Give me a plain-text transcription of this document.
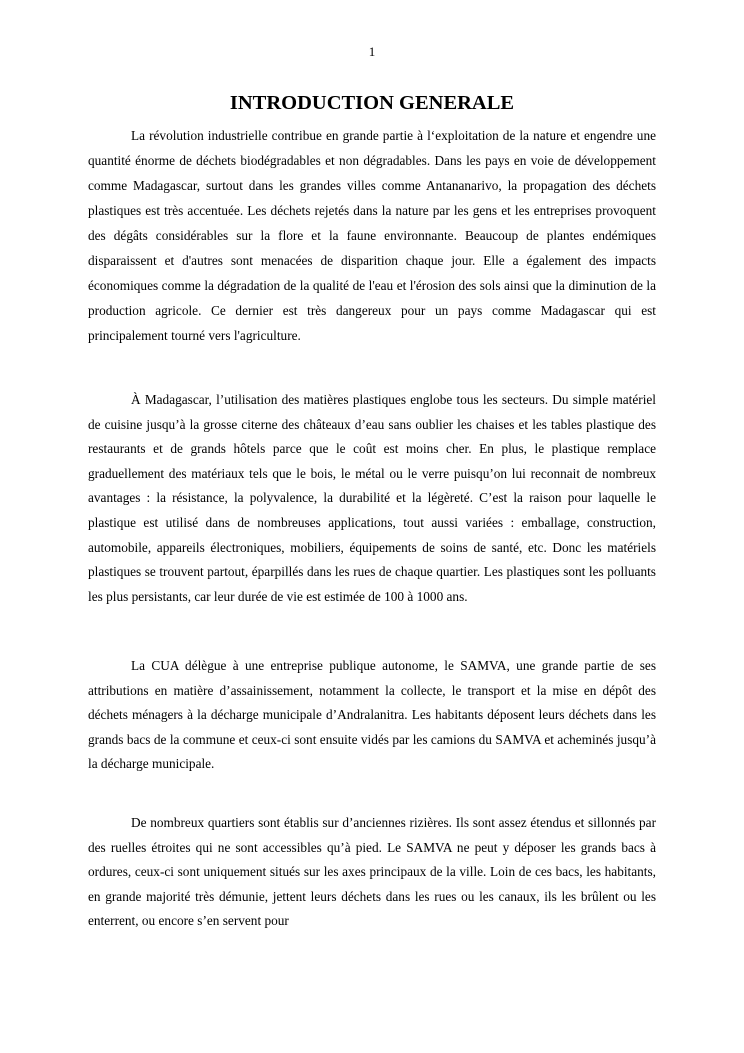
1
INTRODUCTION GENERALE

La révolution industrielle contribue en grande partie à l‘exploitation de la nature et engendre une quantité énorme de déchets biodégradables et non dégradables. Dans les pays en voie de développement comme Madagascar, surtout dans les grandes villes comme Antananarivo, la propagation des déchets plastiques est très accentuée. Les déchets rejetés dans la nature par les gens et les entreprises provoquent des dégâts considérables sur la flore et la faune environnante. Beaucoup de plantes endémiques disparaissent et d'autres sont menacées de disparition chaque jour. Elle a également des impacts économiques comme la dégradation de la qualité de l'eau et l'érosion des sols ainsi que la diminution de la production agricole. Ce dernier est très dangereux pour un pays comme Madagascar qui est principalement tourné vers l'agriculture.

À Madagascar, l’utilisation des matières plastiques englobe tous les secteurs. Du simple matériel de cuisine jusqu’à la grosse citerne des châteaux d’eau sans oublier les chaises et les tables plastique des restaurants et de grands hôtels parce que le coût est moins cher. En plus, le plastique remplace graduellement des matériaux tels que le bois, le métal ou le verre puisqu’on lui reconnait de nombreux avantages : la résistance, la polyvalence, la durabilité et la légèreté. C’est la raison pour laquelle le plastique est utilisé dans de nombreuses applications, tout aussi variées : emballage, construction, automobile, appareils électroniques, mobiliers, équipements de soins de santé, etc. Donc les matériels plastiques se trouvent partout, éparpillés dans les rues de chaque quartier. Les plastiques sont les polluants les plus persistants, car leur durée de vie est estimée de 100 à 1000 ans.

La CUA délègue à une entreprise publique autonome, le SAMVA, une grande partie de ses attributions en matière d’assainissement, notamment la collecte, le transport et la mise en dépôt des déchets ménagers à la décharge municipale d’Andralanitra. Les habitants déposent leurs déchets dans les grands bacs de la commune et ceux-ci sont ensuite vidés par les camions du SAMVA et acheminés jusqu’à la décharge municipale.

De nombreux quartiers sont établis sur d’anciennes rizières. Ils sont assez étendus et sillonnés par des ruelles étroites qui ne sont accessibles qu’à pied. Le SAMVA ne peut y déposer les grands bacs à ordures, ceux-ci sont uniquement situés sur les axes principaux de la ville. Loin de ces bacs, les habitants, en grande majorité très démunie, jettent leurs déchets dans les rues ou les canaux, ils les brûlent ou les enterrent, ou encore s’en servent pour
